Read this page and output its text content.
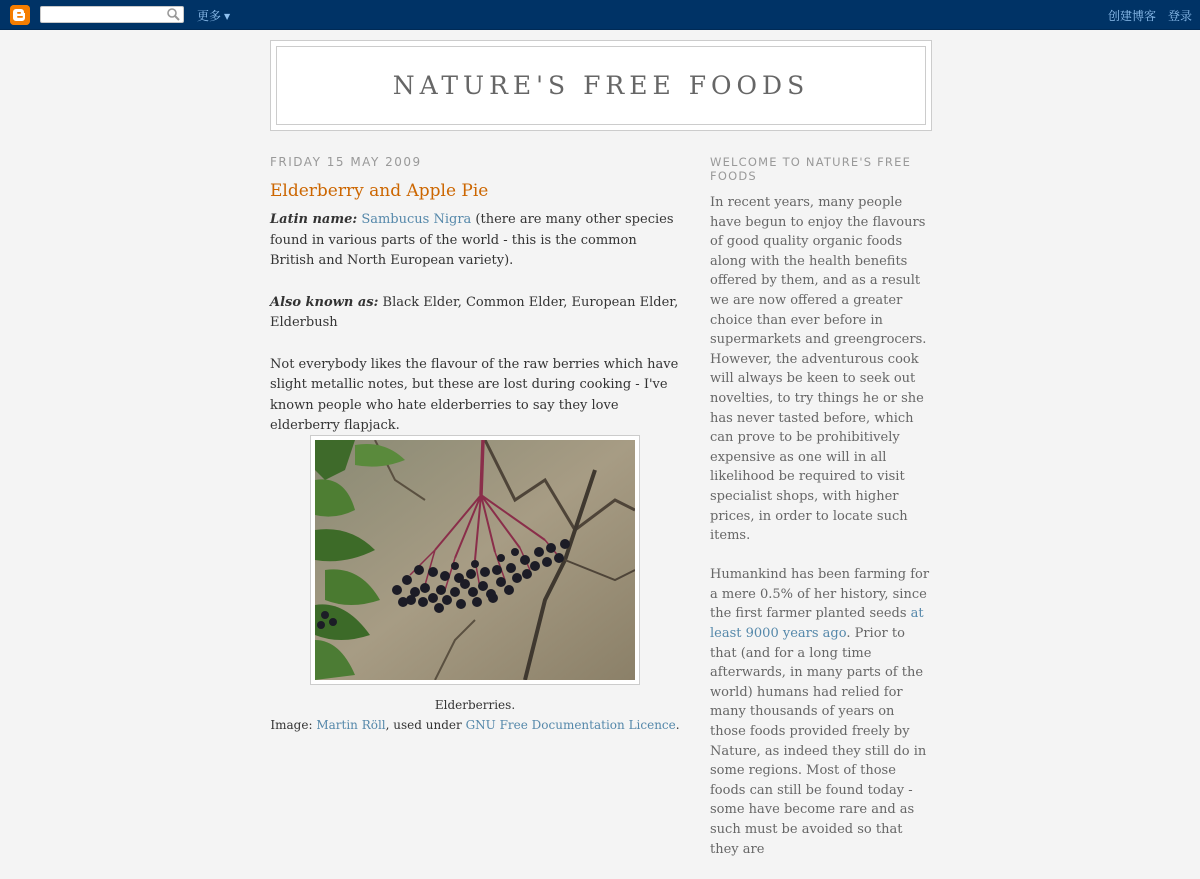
更多 ▼	创建博客 登录
NATURE'S FREE FOODS
FRIDAY 15 MAY 2009
Elderberry and Apple Pie

Latin name: Sambucus Nigra (there are many other species found in various parts of the world - this is the common British and North European variety).

Also known as: Black Elder, Common Elder, European Elder, Elderbush

Not everybody likes the flavour of the raw berries which have slight metallic notes, but these are lost during cooking - I've known people who hate elderberries to say they love elderberry flapjack.

Elderberries.
Image: Martin Röll, used under GNU Free Documentation Licence.
WELCOME TO NATURE'S FREE FOODS

In recent years, many people have begun to enjoy the flavours of good quality organic foods along with the health benefits offered by them, and as a result we are now offered a greater choice than ever before in supermarkets and greengrocers. However, the adventurous cook will always be keen to seek out novelties, to try things he or she has never tasted before, which can prove to be prohibitively expensive as one will in all likelihood be required to visit specialist shops, with higher prices, in order to locate such items.

Humankind has been farming for a mere 0.5% of her history, since the first farmer planted seeds at least 9000 years ago. Prior to that (and for a long time afterwards, in many parts of the world) humans had relied for many thousands of years on those foods provided freely by Nature, as indeed they still do in some regions. Most of those foods can still be found today - some have become rare and as such must be avoided so that they are
